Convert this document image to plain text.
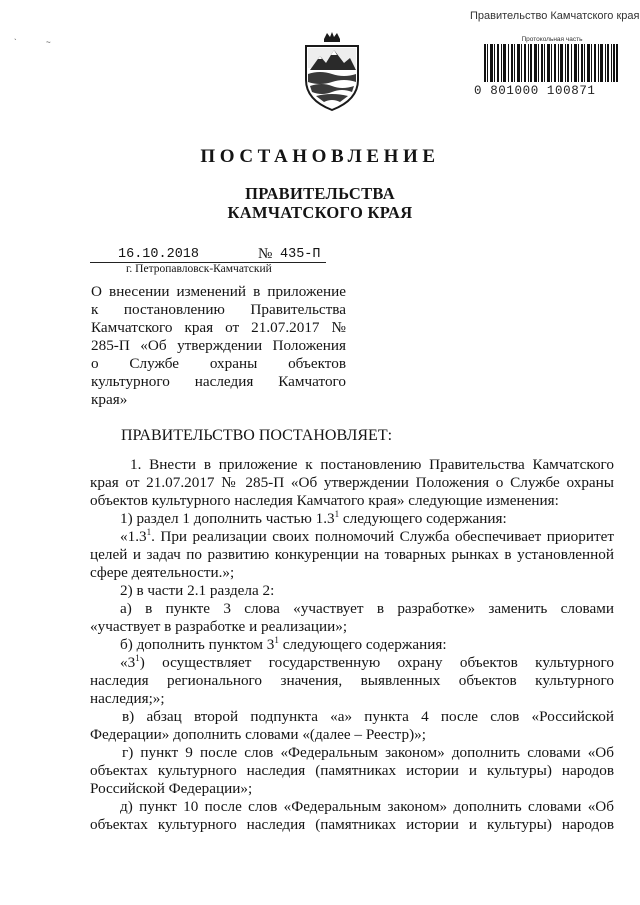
`	~
Правительство Камчатского края
Протокольная часть
0 801000 100871
ПОСТАНОВЛЕНИЕ
ПРАВИТЕЛЬСТВА
КАМЧАТСКОГО КРАЯ
16.10.2018	№ 435-П
г. Петропавловск-Камчатский
О внесении изменений в приложение
к постановлению Правительства
Камчатского края от 21.07.2017 №
285-П «Об утверждении Положения
о Службе охраны объектов
культурного наследия Камчатого
края»
ПРАВИТЕЛЬСТВО ПОСТАНОВЛЯЕТ:
1. Внести в приложение к постановлению Правительства Камчатского
края от 21.07.2017 № 285-П «Об утверждении Положения о Службе охраны
объектов культурного наследия Камчатого края» следующие изменения:
1) раздел 1 дополнить частью $1.3^1$ следующего содержания:
«$1.3^1$. При реализации своих полномочий Служба обеспечивает приоритет
целей и задач по развитию конкуренции на товарных рынках в установленной
сфере деятельности.»;
2) в части 2.1 раздела 2:
а) в пункте 3 слова «участвует в разработке» заменить словами
«участвует в разработке и реализации»;
б) дополнить пунктом $3^1$ следующего содержания:
«$3^1$) осуществляет государственную охрану объектов культурного
наследия регионального значения, выявленных объектов культурного
наследия;»;
в) абзац второй подпункта «а» пункта 4 после слов «Российской
Федерации» дополнить словами «(далее – Реестр)»;
г) пункт 9 после слов «Федеральным законом» дополнить словами «Об
объектах культурного наследия (памятниках истории и культуры) народов
Российской Федерации»;
д) пункт 10 после слов «Федеральным законом» дополнить словами «Об
объектах культурного наследия (памятниках истории и культуры) народов
